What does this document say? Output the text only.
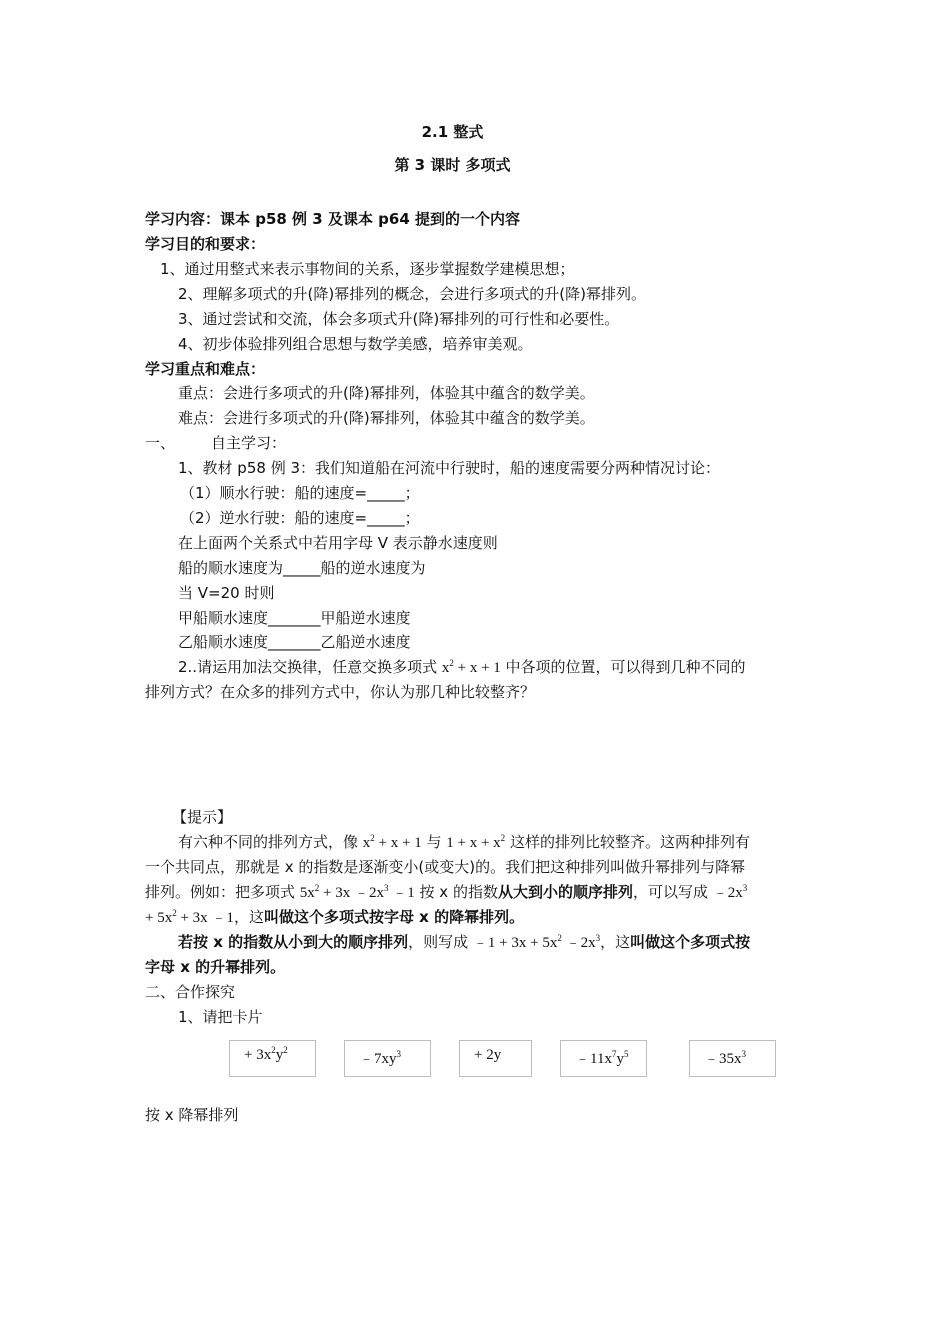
2.1 整式
第 3 课时 多项式
学习内容：课本 p58 例 3 及课本 p64 提到的一个内容
学习目的和要求：
1、通过用整式来表示事物间的关系，逐步掌握数学建模思想；
2、理解多项式的升(降)幂排列的概念，会进行多项式的升(降)幂排列。
3、通过尝试和交流，体会多项式升(降)幂排列的可行性和必要性。
4、初步体验排列组合思想与数学美感，培养审美观。
学习重点和难点：
重点：会进行多项式的升(降)幂排列，体验其中蕴含的数学美。
难点：会进行多项式的升(降)幂排列，体验其中蕴含的数学美。
一、 自主学习：
1、教材 p58 例 3：我们知道船在河流中行驶时，船的速度需要分两种情况讨论：
（1）顺水行驶：船的速度=_____；
（2）逆水行驶：船的速度=_____；
在上面两个关系式中若用字母 V 表示静水速度则
船的顺水速度为_____船的逆水速度为
当 V=20 时则
甲船顺水速度_______甲船逆水速度
乙船顺水速度_______乙船逆水速度
2..请运用加法交换律，任意交换多项式 $x^2 + x + 1$ 中各项的位置，可以得到几种不同的
排列方式？在众多的排列方式中，你认为那几种比较整齐？
【提示】
有六种不同的排列方式，像 $x^2 + x + 1$ 与 $1 + x + x^2$ 这样的排列比较整齐。这两种排列有
一个共同点，那就是 x 的指数是逐渐变小(或变大)的。我们把这种排列叫做升幂排列与降幂
排列。例如：把多项式 $5x^2 + 3x$ $﹣2x^3$ ﹣1 按 x 的指数从大到小的顺序排列，可以写成 $﹣2x^3$
+ $5x^2 + 3x$ ﹣1，这叫做这个多项式按字母 x 的降幂排列。
若按 x 的指数从小到大的顺序排列，则写成 ﹣1 + $3x + 5x^2$ $﹣2x^3$，这叫做这个多项式按
字母 x 的升幂排列。
二、合作探究
1、请把卡片
+ $3x^2y^2$
$﹣7xy^3$	+ 2y	$﹣11x^7y^5$	$﹣35x^3$
按 x 降幂排列
